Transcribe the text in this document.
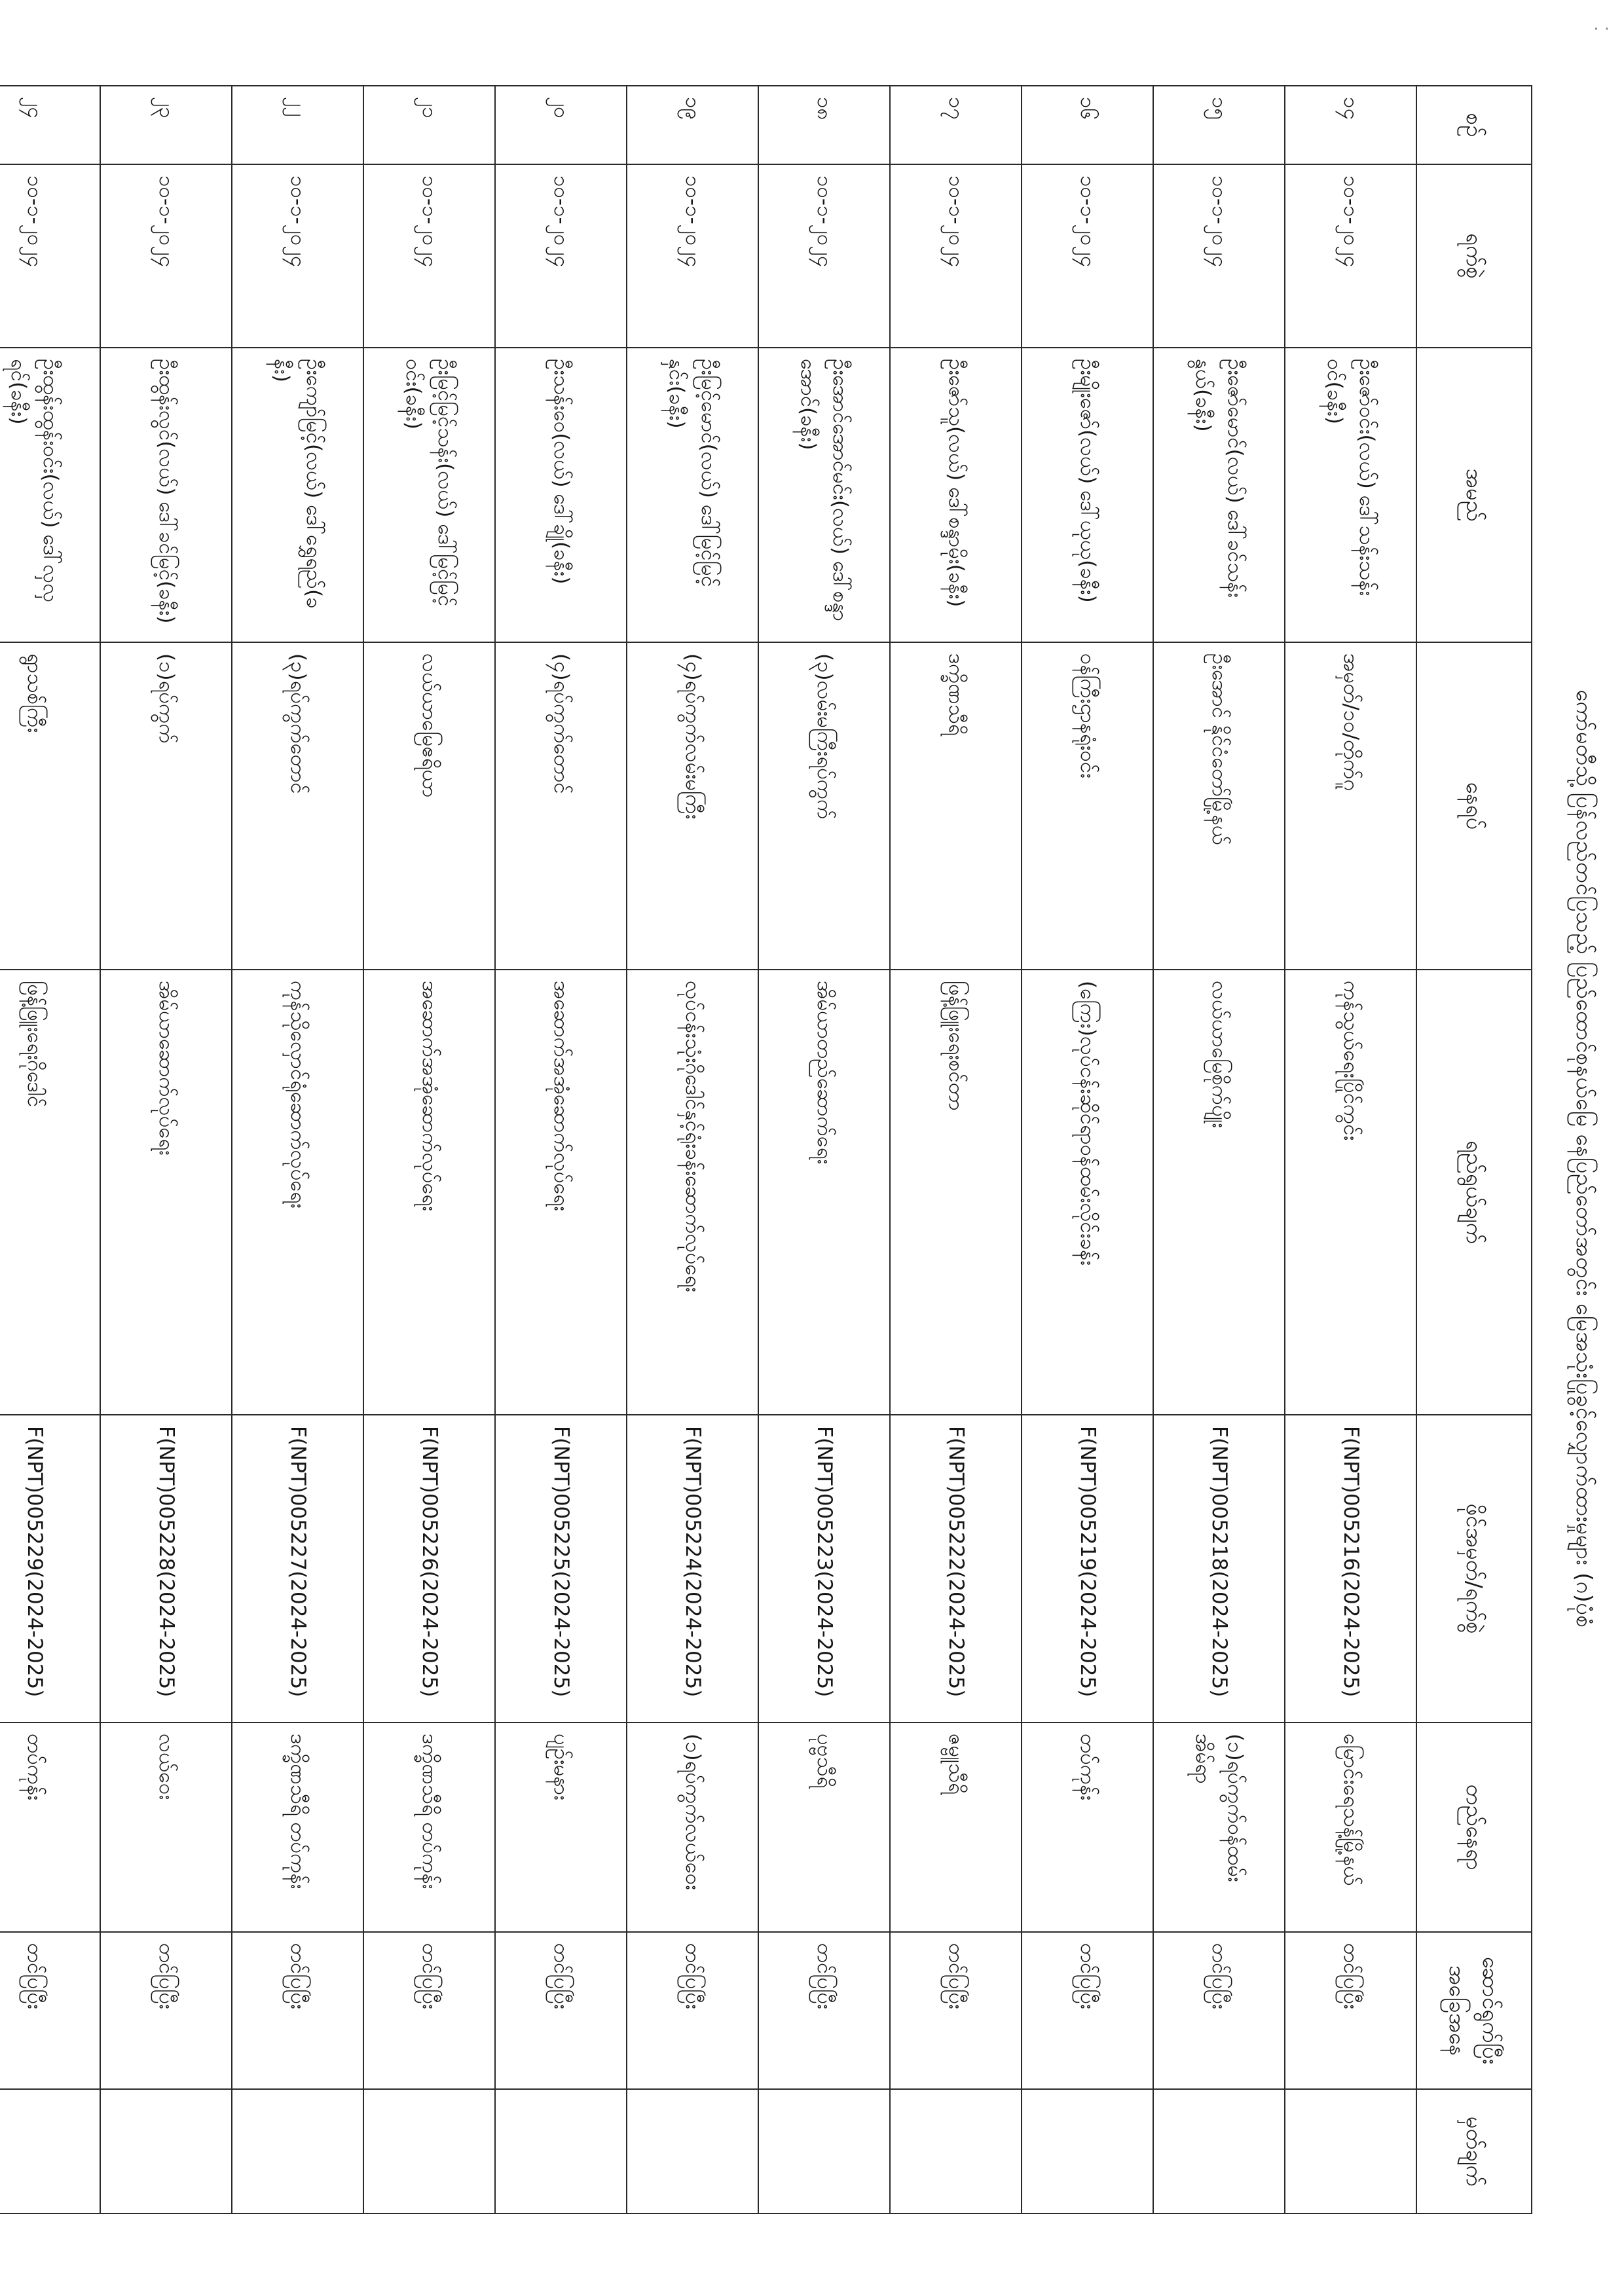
ကော်မတီသို့ပြန်လည်တင်ပြသည့် ပြည်ထောင်စုနယ်မြေ နေပြည်တော်အတွင်း မြေအသုံးပြုခွင့်လျှောက်ထားမှုများ (ဂ)ပုံစံ
စဉ်	ရက်စွဲ	အမည်	နေရပ်	ရည်ရွယ်ချက်	ဖိုင်အမှတ်/ရက်စွဲ	တည်နေရာ	ဆောင်ရွက်ပြီး အခြေအနေ	မှတ်ချက်
၁၄	၁၀-၁-၂၀၂၄	ဦးဇော်ဝင်း(လယ်) ဒေါ်သန်းသန်းဝင်(ခနီး)	အမှတ်/၁၀/တိုက်ဂူ	ကုန်သွယ်ရေးပြိုင်ကွင်း	F(NPT)005216(2024-2025)	မြောင်းရေသန့်မြို့နယ်	တင်ပြပြီး	
၁၅	၁၀-၁-၂၀၂၄	ဦးဇော်မောင်(လယ်) ဒေါ်ခင်သန်းနွယ်(ခနီး)	ဦးအောင် နိုင်ငံတော်မြို့နယ်	လယ်ယာမြေစိုက်ပျိုး	F(NPT)005218(2024-2025)	(၁)ရပ်ကွက်ဝန်ထမ်းအိမ်ရာ	တင်ပြပြီး	
၁၆	၁၀-၁-၂၀၂၄	ဦးမျိုးဇော်(လယ်) ဒေါ်ယုယု(ခနီး)	ဝန်ကြီးဌာနရုံးဝင်း	(ကြေး)လုပ်ငန်းဆိုင်ရာဝန်ထမ်းလိုင်းခန်း	F(NPT)005219(2024-2025)	တပ်ကုန်း	တင်ပြပြီး	
၁၇	၁၀-၁-၂၀၂၄	ဦးဇော်သူ(လယ်) ဒေါ်စန္ဒာမိုး(ခနီး)	ဒက္ခိဏသီရိ	ဖြန့်ဖြူးရေးစင်တာ	F(NPT)005222(2024-2025)	ဇမ္ဗူသီရိ	တင်ပြပြီး	
၁၈	၁၀-၁-၂၀၂၄	ဦးအောင်အောင်မင်း(လယ်) ဒေါ်စန္ဒာအောင်(ခနီး)	(၃)လမ်းမကြီးရပ်ကွက်	အိမ်ယာတည်ဆောက်ရေး	F(NPT)005223(2024-2025)	ပုဗ္ဗသီရိ	တင်ပြပြီး	
၁၉	၁၀-၁-၂၀၂၄	ဦးမြင့်မောင်(လယ်) ဒေါ်မြင့်မြင့်နှင်း(ခနီး)	(၄)ရပ်ကွက်လမ်းမကြီး	လုပ်ငန်းသုံးဂိုဒေါင်နှင့်ရုံးခန်းဆောက်လုပ်ရေး	F(NPT)005224(2024-2025)	(၁)ရပ်ကွက်လယ်ဝေး	တင်ပြပြီး	
၂၀	၁၀-၁-၂၀၂၄	ဦးသန်းဝေ(လယ်) ဒေါ်ချို(ခနီး)	(၄)ရပ်ကွက်တောင်	အဆောက်အအုံဆောက်လုပ်ရေး	F(NPT)005225(2024-2025)	ပျဉ်းမနား	တင်ပြပြီး	
၂၁	၁၀-၁-၂၀၂၄	ဦးမြင့်မြင့်သန်း(လယ်) ဒေါ်မြင့်မြင့်ဝင်း(ခနီး)	လယ်ယာမြေဧရိယာ	အဆောက်အအုံဆောက်လုပ်ရေး	F(NPT)005226(2024-2025)	ဒက္ခိဏသီရိ တပ်ကုန်း	တင်ပြပြီး	
၂၂	၁၀-၁-၂၀၂၄	ဦးကျော်မြင့်(လယ်) ဒေါ်ရွှေရည်(ခနီး)	(၃)ရပ်ကွက်တောင်	ကုန်သိုလှောင်ရုံဆောက်လုပ်ရေး	F(NPT)005227(2024-2025)	ဒက္ခိဏသီရိ တပ်ကုန်း	တင်ပြပြီး	
၂၃	၁၀-၁-၂၀၂၄	ဦးထွန်းလွင်(လယ်) ဒေါ်ခင်မြင့်(ခနီး)	(၁)ရပ်ကွက်	အိမ်ယာဆောက်လုပ်ရေး	F(NPT)005228(2024-2025)	လယ်ဝေး	တင်ပြပြီး	
၂၄	၁၀-၁-၂၀၂၄	ဦးထွန်းထွန်းဝင်း(လယ်) ဒေါ်လှလှရင်(ခနီး)	ရွာသစ်ကြီး	ဖြန့်ဖြူးရေးဂိုဒေါင်	F(NPT)005229(2024-2025)	တပ်ကုန်း	တင်ပြပြီး	
· ·
